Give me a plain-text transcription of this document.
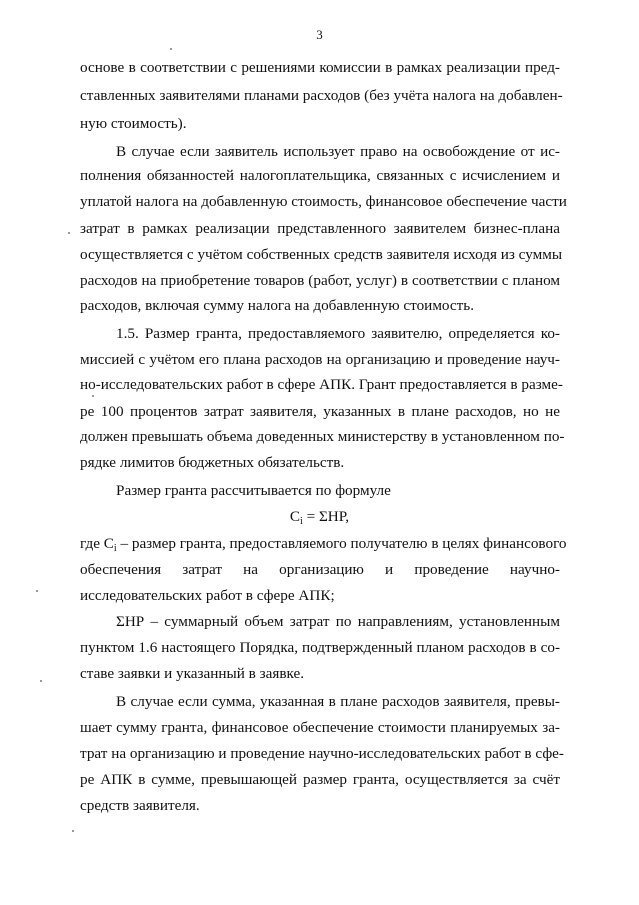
3
основе в соответствии с решениями комиссии в рамках реализации пред-
ставленных заявителями планами расходов (без учёта налога на добавлен-
ную стоимость).
В случае если заявитель использует право на освобождение от ис-
полнения обязанностей налогоплательщика, связанных с исчислением и
уплатой налога на добавленную стоимость, финансовое обеспечение части
затрат в рамках реализации представленного заявителем бизнес-плана
осуществляется с учётом собственных средств заявителя исходя из суммы
расходов на приобретение товаров (работ, услуг) в соответствии с планом
расходов, включая сумму налога на добавленную стоимость.
1.5. Размер гранта, предоставляемого заявителю, определяется ко-
миссией с учётом его плана расходов на организацию и проведение науч-
но-исследовательских работ в сфере АПК. Грант предоставляется в разме-
ре 100 процентов затрат заявителя, указанных в плане расходов, но не
должен превышать объема доведенных министерству в установленном по-
рядке лимитов бюджетных обязательств.
Размер гранта рассчитывается по формуле
$C_i = \Sigma НР$,
где $C_i$ – размер гранта, предоставляемого получателю в целях финансового
обеспечения затрат на организацию и проведение научно-
исследовательских работ в сфере АПК;
ΣНР – суммарный объем затрат по направлениям, установленным
пунктом 1.6 настоящего Порядка, подтвержденный планом расходов в со-
ставе заявки и указанный в заявке.
В случае если сумма, указанная в плане расходов заявителя, превы-
шает сумму гранта, финансовое обеспечение стоимости планируемых за-
трат на организацию и проведение научно-исследовательских работ в сфе-
ре АПК в сумме, превышающей размер гранта, осуществляется за счёт
средств заявителя.
